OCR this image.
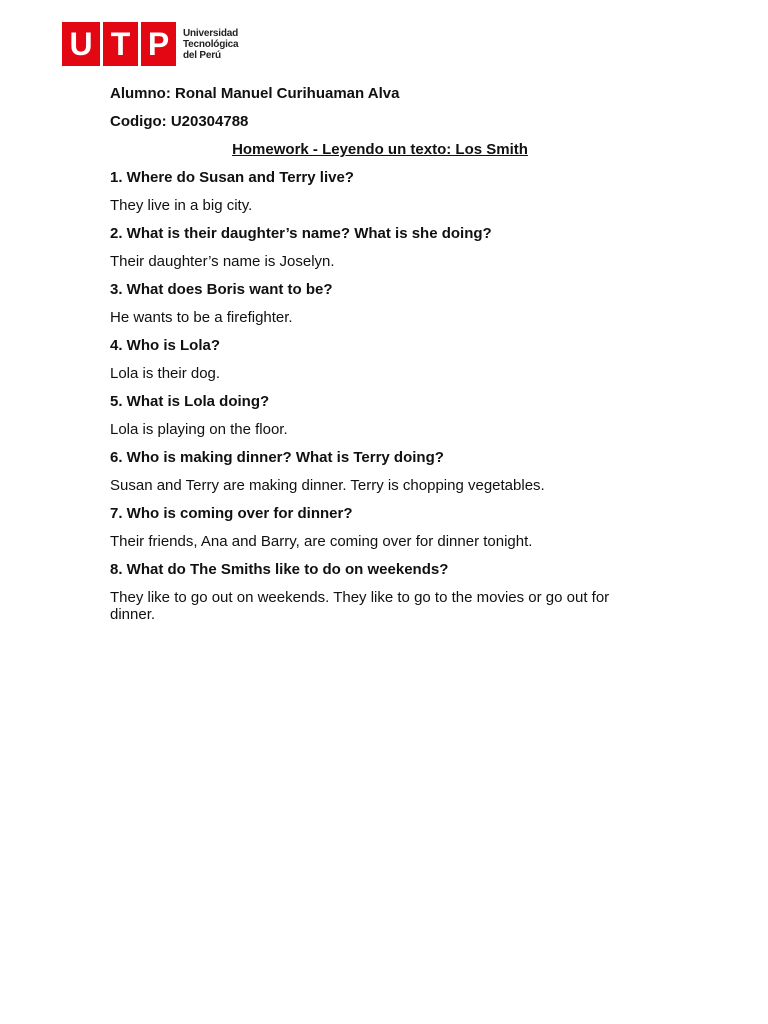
U T P	Universidad
Tecnológica
del Perú

Alumno: Ronal Manuel Curihuaman Alva

Codigo: U20304788

Homework - Leyendo un texto: Los Smith

1. Where do Susan and Terry live?

They live in a big city.

2. What is their daughter’s name? What is she doing?

Their daughter’s name is Joselyn.

3. What does Boris want to be?

He wants to be a firefighter.

4. Who is Lola?

Lola is their dog.

5. What is Lola doing?

Lola is playing on the floor.

6. Who is making dinner? What is Terry doing?

Susan and Terry are making dinner. Terry is chopping vegetables.

7. Who is coming over for dinner?

Their friends, Ana and Barry, are coming over for dinner tonight.

8. What do The Smiths like to do on weekends?

They like to go out on weekends. They like to go to the movies or go out for dinner.
